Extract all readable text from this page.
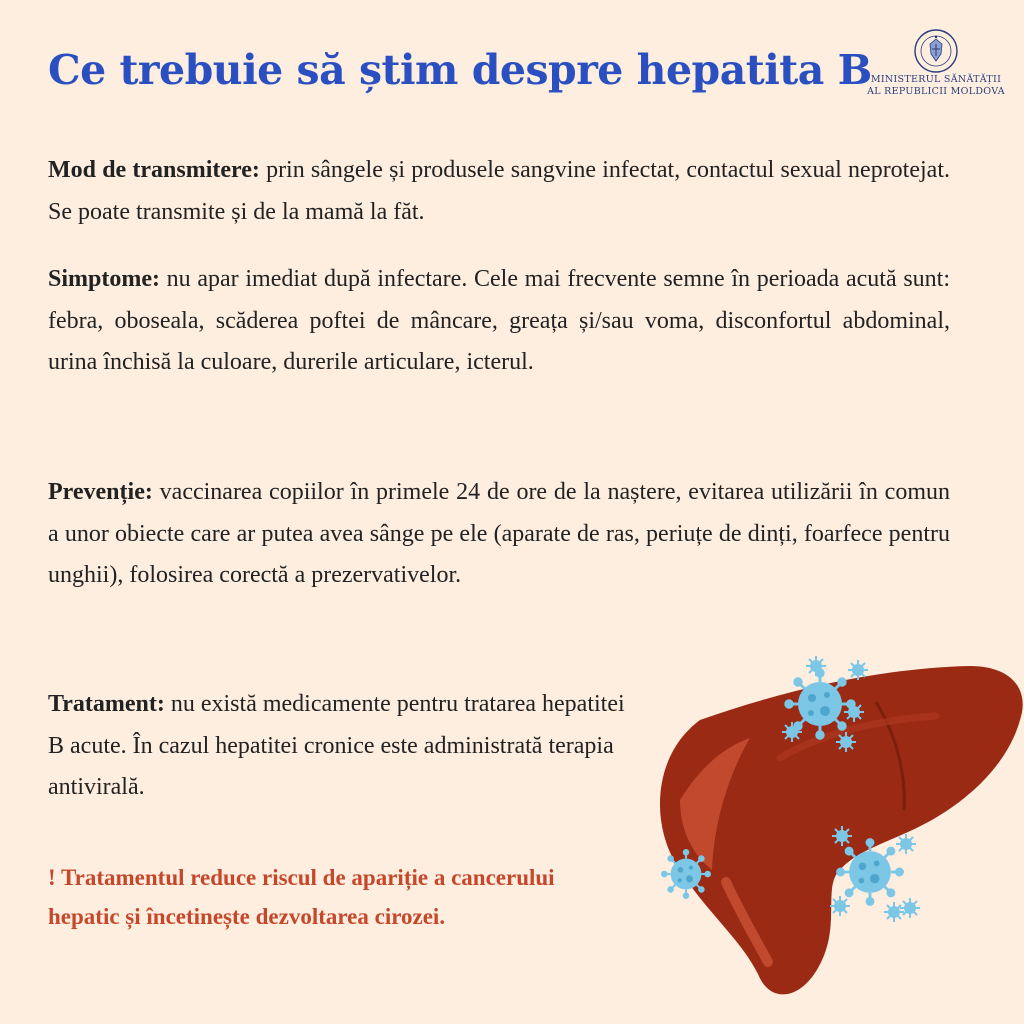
Ce trebuie să știm despre hepatita B MINISTERUL SĂNĂTĂȚII
AL REPUBLICII MOLDOVA

Mod de transmitere: prin sângele și produsele sangvine infectat, contactul sexual neprotejat. Se poate transmite și de la mamă la făt.

Simptome: nu apar imediat după infectare. Cele mai frecvente semne în perioada acută sunt: febra, oboseala, scăderea poftei de mâncare, greața și/sau voma, disconfortul abdominal, urina închisă la culoare, durerile articulare, icterul.

Prevenție: vaccinarea copiilor în primele 24 de ore de la naștere, evitarea utilizării în comun a unor obiecte care ar putea avea sânge pe ele (aparate de ras, periuțe de dinți, foarfece pentru unghii), folosirea corectă a prezervativelor.

Tratament: nu există medicamente pentru tratarea hepatitei B acute. În cazul hepatitei cronice este administrată terapia antivirală.

! Tratamentul reduce riscul de apariție a cancerului hepatic și încetinește dezvoltarea cirozei.
